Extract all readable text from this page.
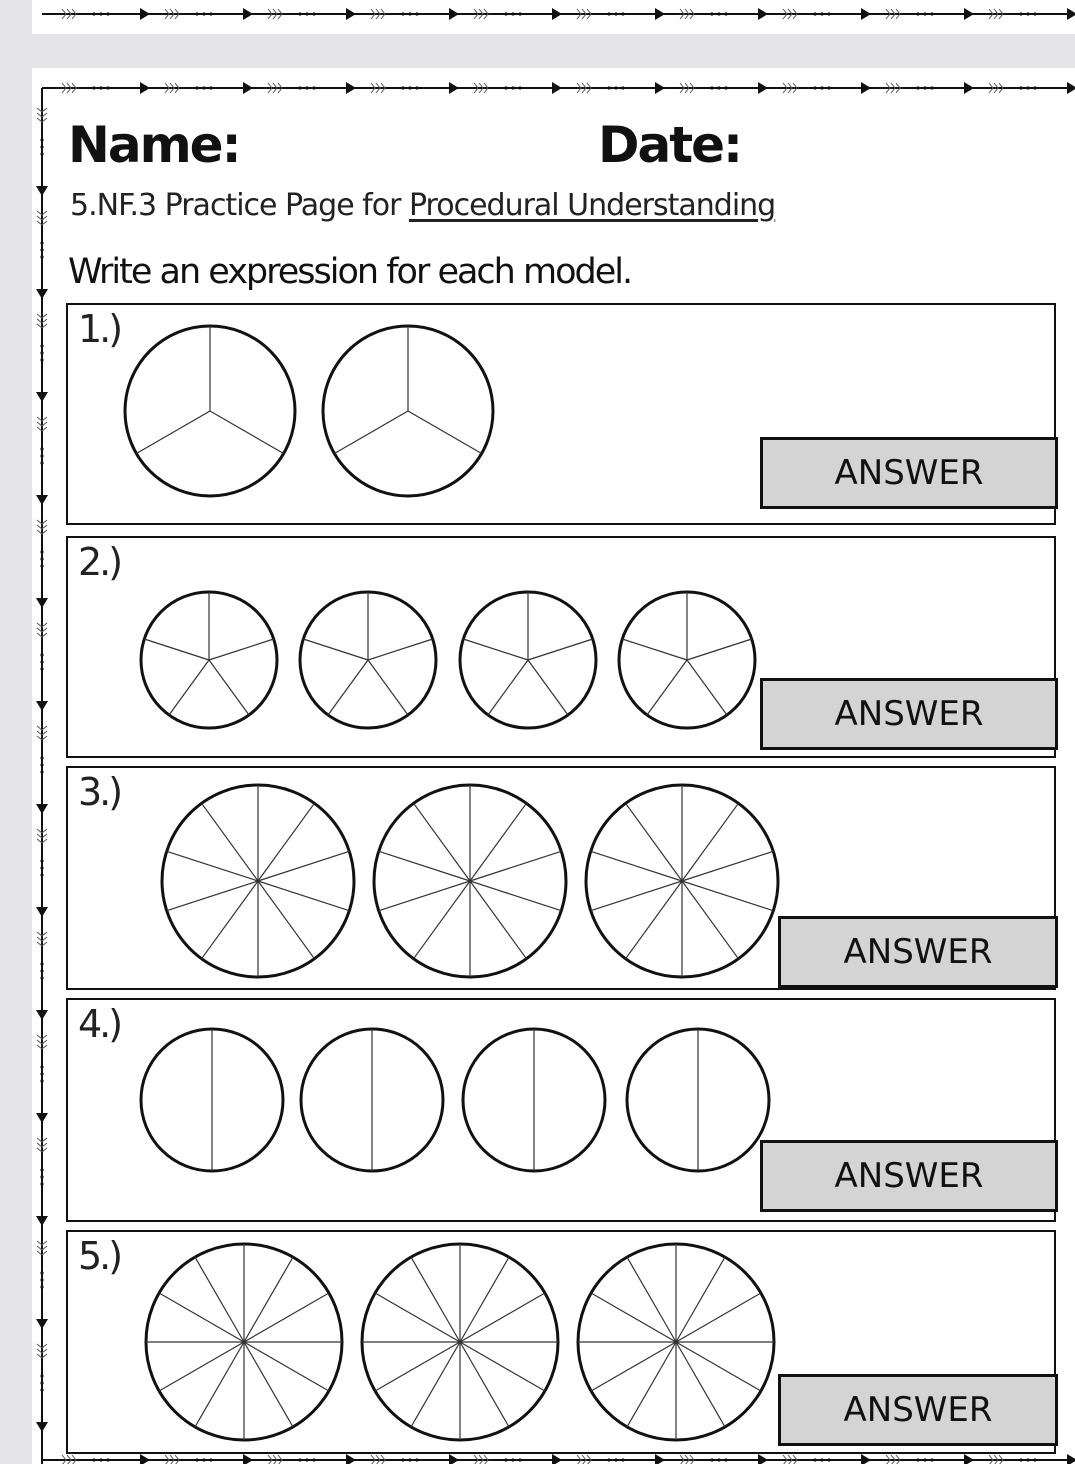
Name:	Date:
5.NF.3 Practice Page for Procedural Understanding
Write an expression for each model.
1.)
ANSWER
2.)
ANSWER
3.)
ANSWER
4.)
ANSWER
5.)
ANSWER
